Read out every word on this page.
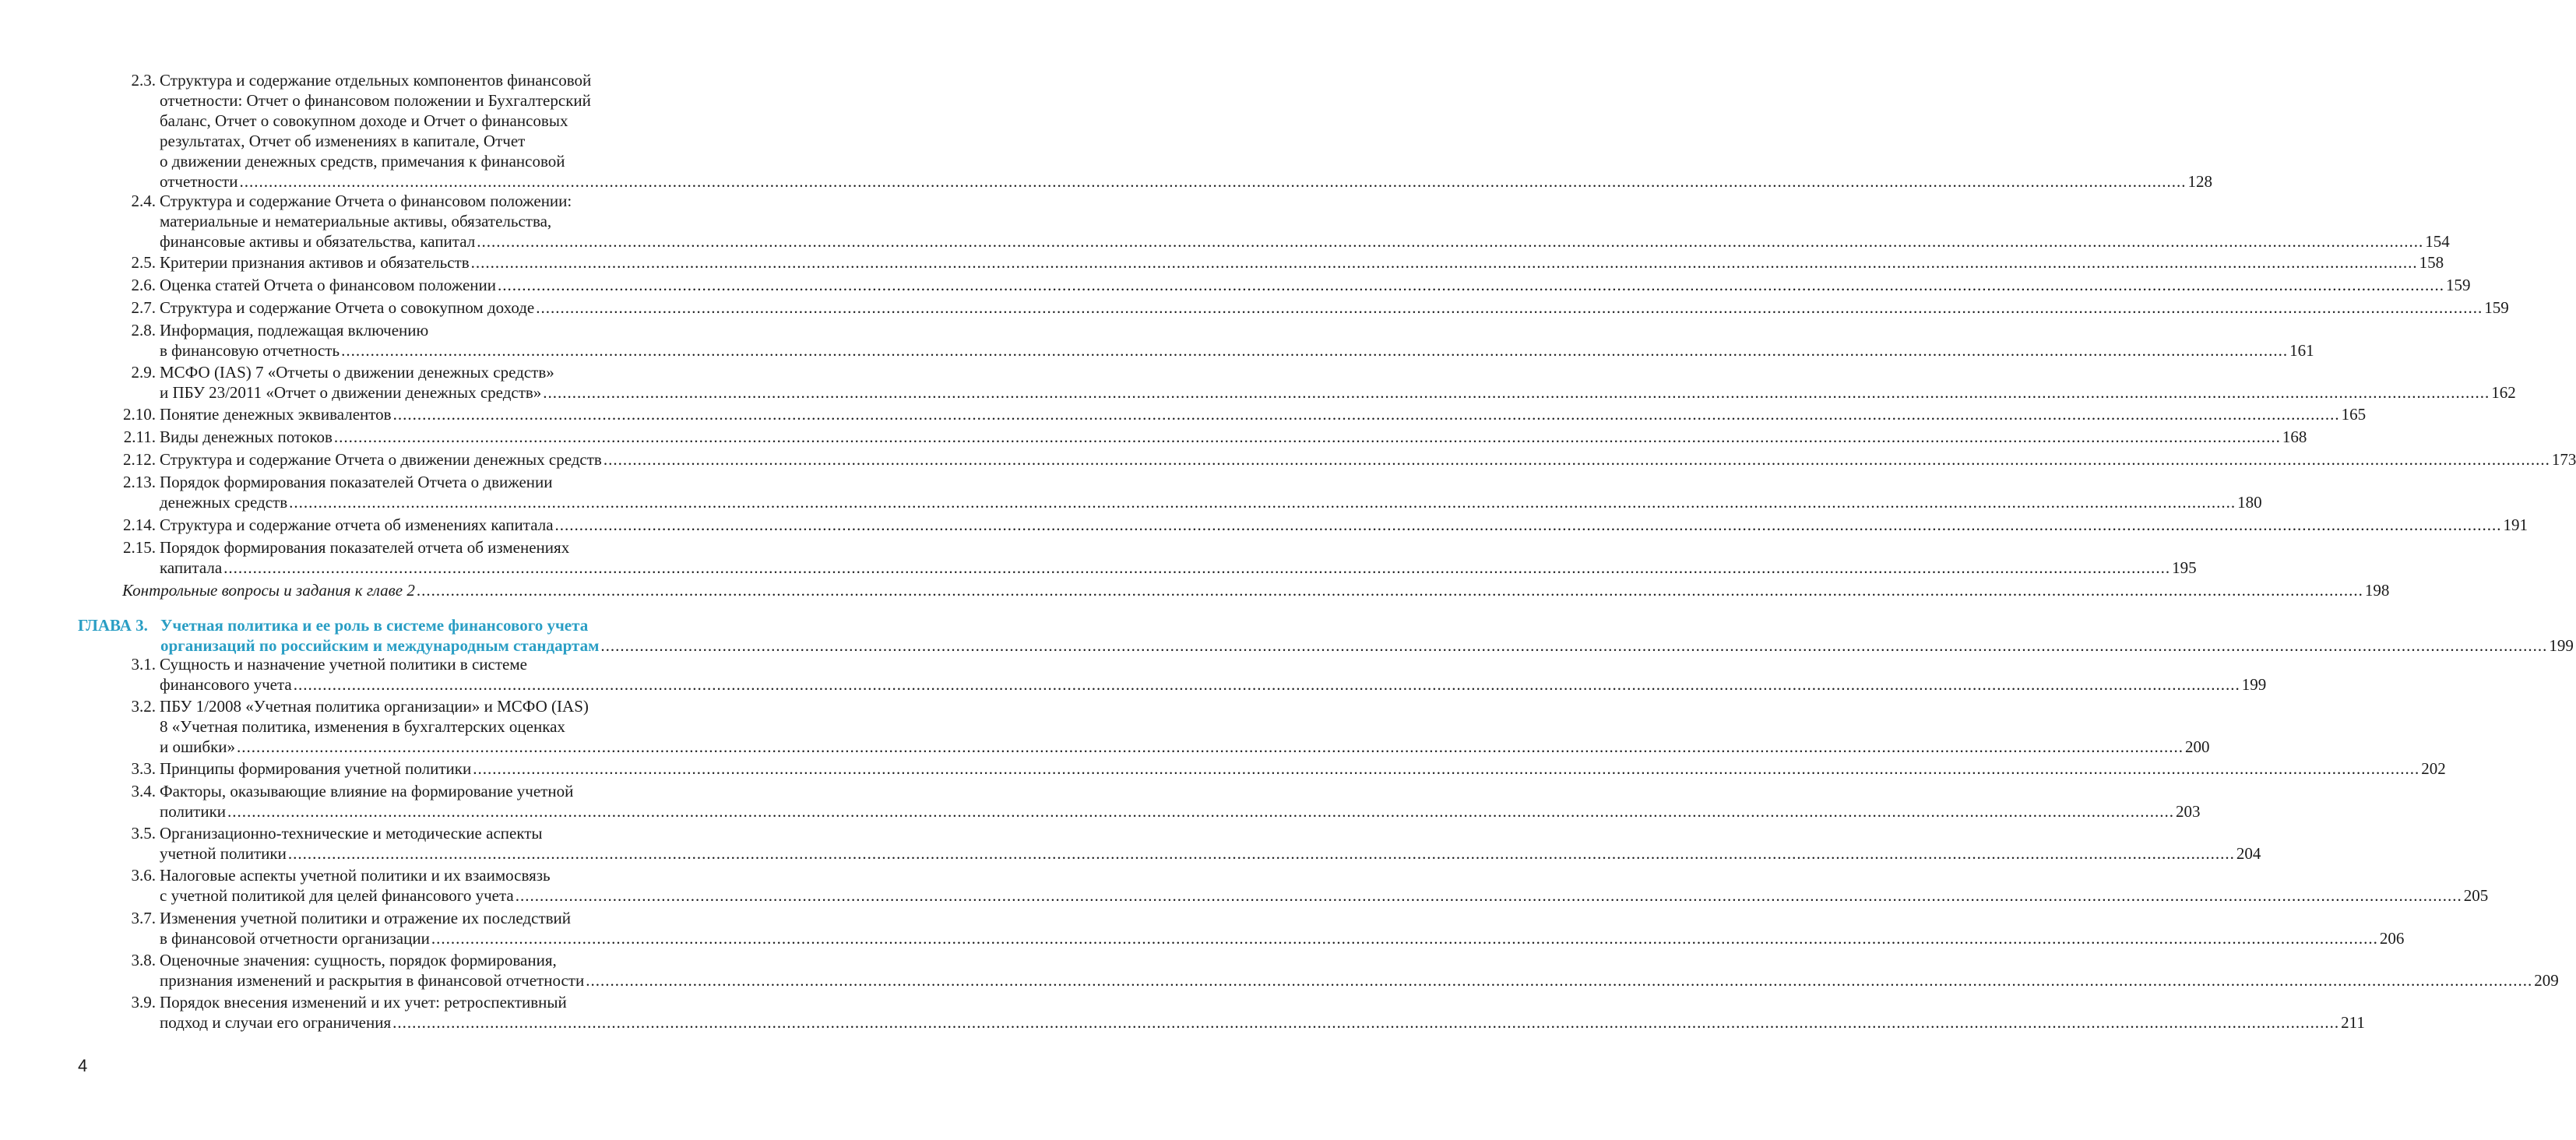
2.3. Структура и содержание отдельных компонентов финансовой
отчетности: Отчет о финансовом положении и Бухгалтерский
баланс, Отчет о совокупном доходе и Отчет о финансовых
результатах, Отчет об изменениях в капитале, Отчет
о движении денежных средств, примечания к финансовой
отчетности ................................................................................................................................................................................................................................................................................................................................................................................................................ 128
2.4. Структура и содержание Отчета о финансовом положении:
материальные и нематериальные активы, обязательства,
финансовые активы и обязательства, капитал ................................................................................................................................................................................................................................................................................................................................................................................................................ 154
2.5. Критерии признания активов и обязательств ................................................................................................................................................................................................................................................................................................................................................................................................................ 158
2.6. Оценка статей Отчета о финансовом положении ................................................................................................................................................................................................................................................................................................................................................................................................................ 159
2.7. Структура и содержание Отчета о совокупном доходе ................................................................................................................................................................................................................................................................................................................................................................................................................ 159
2.8. Информация, подлежащая включению
в финансовую отчетность ................................................................................................................................................................................................................................................................................................................................................................................................................ 161
2.9. МСФО (IAS) 7 «Отчеты о движении денежных средств»
и ПБУ 23/2011 «Отчет о движении денежных средств» ................................................................................................................................................................................................................................................................................................................................................................................................................ 162
2.10. Понятие денежных эквивалентов ................................................................................................................................................................................................................................................................................................................................................................................................................ 165
2.11. Виды денежных потоков ................................................................................................................................................................................................................................................................................................................................................................................................................ 168
2.12. Структура и содержание Отчета о движении денежных средств ................................................................................................................................................................................................................................................................................................................................................................................................................ 173
2.13. Порядок формирования показателей Отчета о движении
денежных средств ................................................................................................................................................................................................................................................................................................................................................................................................................ 180
2.14. Структура и содержание отчета об изменениях капитала ................................................................................................................................................................................................................................................................................................................................................................................................................ 191
2.15. Порядок формирования показателей отчета об изменениях
капитала ................................................................................................................................................................................................................................................................................................................................................................................................................ 195
Контрольные вопросы и задания к главе 2 ................................................................................................................................................................................................................................................................................................................................................................................................................ 198
ГЛАВА 3. Учетная политика и ее роль в системе финансового учета
организаций по российским и международным стандартам ................................................................................................................................................................................................................................................................................................................................................................................................................ 199
3.1. Сущность и назначение учетной политики в системе
финансового учета ................................................................................................................................................................................................................................................................................................................................................................................................................ 199
3.2. ПБУ 1/2008 «Учетная политика организации» и МСФО (IAS)
8 «Учетная политика, изменения в бухгалтерских оценках
и ошибки» ................................................................................................................................................................................................................................................................................................................................................................................................................ 200
3.3. Принципы формирования учетной политики ................................................................................................................................................................................................................................................................................................................................................................................................................ 202
3.4. Факторы, оказывающие влияние на формирование учетной
политики ................................................................................................................................................................................................................................................................................................................................................................................................................ 203
3.5. Организационно-технические и методические аспекты
учетной политики ................................................................................................................................................................................................................................................................................................................................................................................................................ 204
3.6. Налоговые аспекты учетной политики и их взаимосвязь
с учетной политикой для целей финансового учета ................................................................................................................................................................................................................................................................................................................................................................................................................ 205
3.7. Изменения учетной политики и отражение их последствий
в финансовой отчетности организации ................................................................................................................................................................................................................................................................................................................................................................................................................ 206
3.8. Оценочные значения: сущность, порядок формирования,
признания изменений и раскрытия в финансовой отчетности ................................................................................................................................................................................................................................................................................................................................................................................................................ 209
3.9. Порядок внесения изменений и их учет: ретроспективный
подход и случаи его ограничения ................................................................................................................................................................................................................................................................................................................................................................................................................ 211
4
